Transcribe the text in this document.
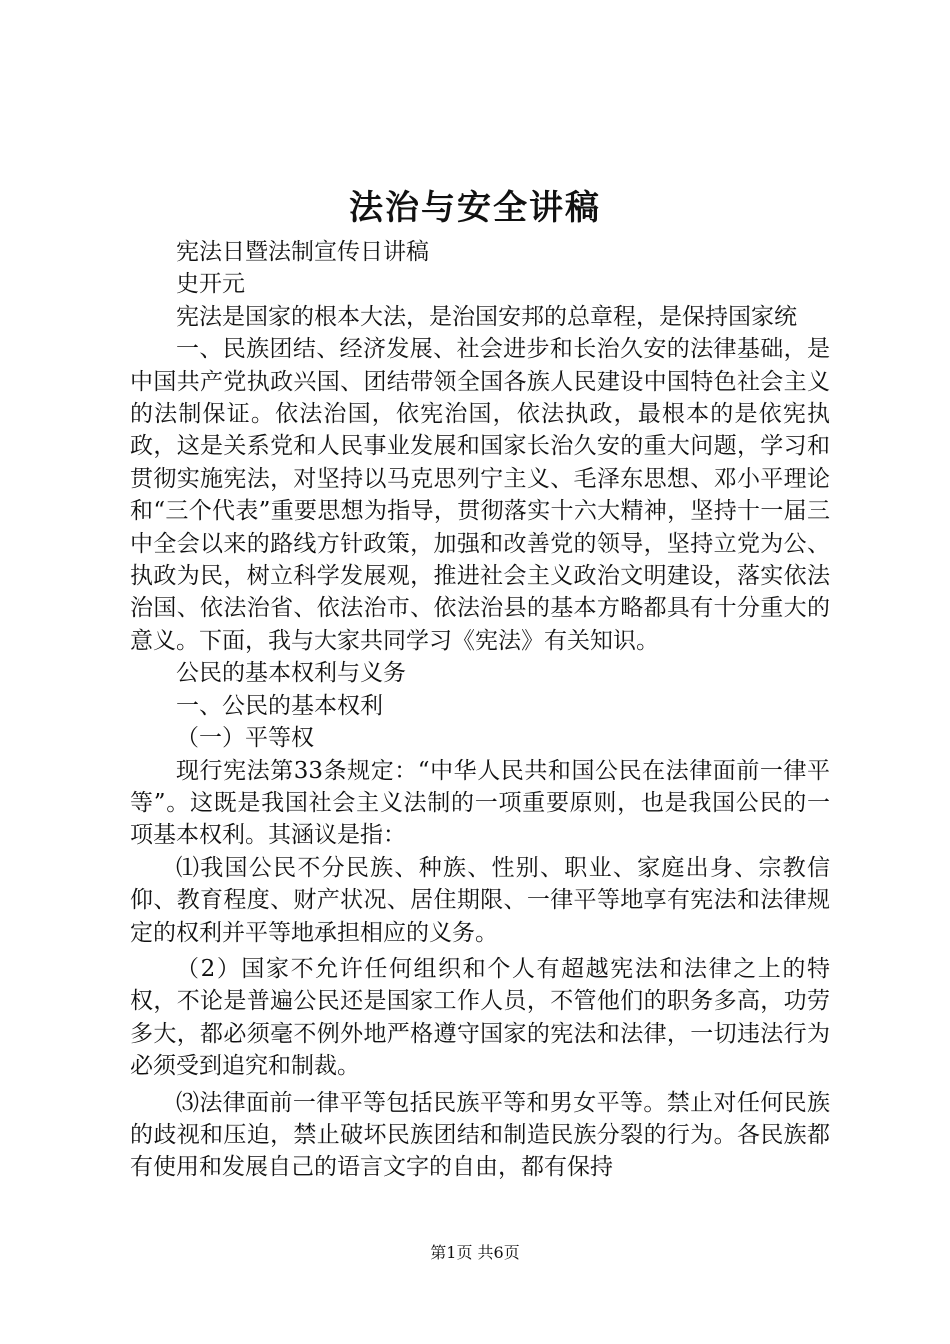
法治与安全讲稿

宪法日暨法制宣传日讲稿

史开元

宪法是国家的根本大法，是治国安邦的总章程，是保持国家统

一、民族团结、经济发展、社会进步和长治久安的法律基础，是中国共产党执政兴国、团结带领全国各族人民建设中国特色社会主义的法制保证。依法治国，依宪治国，依法执政，最根本的是依宪执政，这是关系党和人民事业发展和国家长治久安的重大问题，学习和贯彻实施宪法，对坚持以马克思列宁主义、毛泽东思想、邓小平理论和“三个代表”重要思想为指导，贯彻落实十六大精神，坚持十一届三中全会以来的路线方针政策，加强和改善党的领导，坚持立党为公、执政为民，树立科学发展观，推进社会主义政治文明建设，落实依法治国、依法治省、依法治市、依法治县的基本方略都具有十分重大的意义。下面，我与大家共同学习《宪法》有关知识。

公民的基本权利与义务

一、公民的基本权利

（一）平等权

现行宪法第33条规定：“中华人民共和国公民在法律面前一律平等”。这既是我国社会主义法制的一项重要原则，也是我国公民的一项基本权利。其涵议是指：

⑴我国公民不分民族、种族、性别、职业、家庭出身、宗教信仰、教育程度、财产状况、居住期限、一律平等地享有宪法和法律规定的权利并平等地承担相应的义务。

（2）国家不允许任何组织和个人有超越宪法和法律之上的特权，不论是普遍公民还是国家工作人员，不管他们的职务多高，功劳多大，都必须毫不例外地严格遵守国家的宪法和法律，一切违法行为必须受到追究和制裁。

⑶法律面前一律平等包括民族平等和男女平等。禁止对任何民族的歧视和压迫，禁止破坏民族团结和制造民族分裂的行为。各民族都有使用和发展自己的语言文字的自由，都有保持

第1页 共6页
